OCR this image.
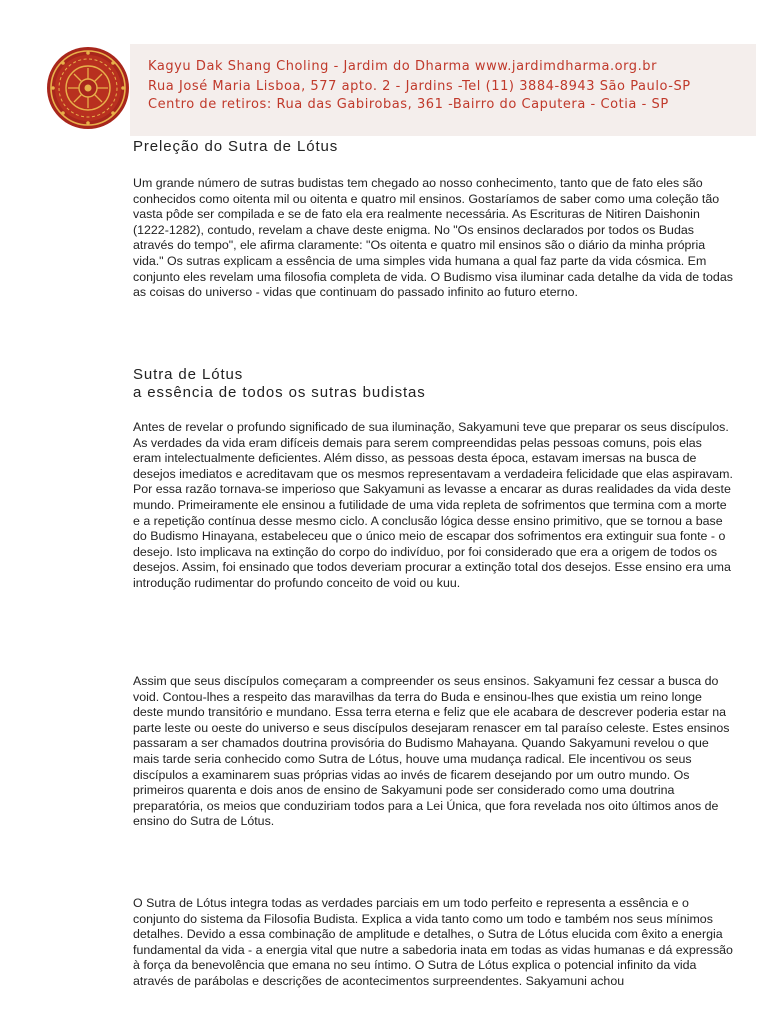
Kagyu Dak Shang Choling - Jardim do Dharma www.jardimdharma.org.br
Rua José Maria Lisboa, 577 apto. 2 - Jardins -Tel (11) 3884-8943 São Paulo-SP
Centro de retiros: Rua das Gabirobas, 361 -Bairro do Caputera - Cotia - SP
Preleção do Sutra de Lótus

Um grande número de sutras budistas tem chegado ao nosso conhecimento, tanto que de fato eles são conhecidos como oitenta mil ou oitenta e quatro mil ensinos. Gostaríamos de saber como uma coleção tão vasta pôde ser compilada e se de fato ela era realmente necessária. As Escrituras de Nitiren Daishonin (1222-1282), contudo, revelam a chave deste enigma. No "Os ensinos declarados por todos os Budas através do tempo", ele afirma claramente: "Os oitenta e quatro mil ensinos são o diário da minha própria vida." Os sutras explicam a essência de uma simples vida humana a qual faz parte da vida cósmica. Em conjunto eles revelam uma filosofia completa de vida. O Budismo visa iluminar cada detalhe da vida de todas as coisas do universo - vidas que continuam do passado infinito ao futuro eterno.

Sutra de Lótus
a essência de todos os sutras budistas

Antes de revelar o profundo significado de sua iluminação, Sakyamuni teve que preparar os seus discípulos. As verdades da vida eram difíceis demais para serem compreendidas pelas pessoas comuns, pois elas eram intelectualmente deficientes. Além disso, as pessoas desta época, estavam imersas na busca de desejos imediatos e acreditavam que os mesmos representavam a verdadeira felicidade que elas aspiravam. Por essa razão tornava-se imperioso que Sakyamuni as levasse a encarar as duras realidades da vida deste mundo. Primeiramente ele ensinou a futilidade de uma vida repleta de sofrimentos que termina com a morte e a repetição contínua desse mesmo ciclo. A conclusão lógica desse ensino primitivo, que se tornou a base do Budismo Hinayana, estabeleceu que o único meio de escapar dos sofrimentos era extinguir sua fonte - o desejo. Isto implicava na extinção do corpo do indivíduo, por foi considerado que era a origem de todos os desejos. Assim, foi ensinado que todos deveriam procurar a extinção total dos desejos. Esse ensino era uma introdução rudimentar do profundo conceito de void ou kuu.

Assim que seus discípulos começaram a compreender os seus ensinos. Sakyamuni fez cessar a busca do void. Contou-lhes a respeito das maravilhas da terra do Buda e ensinou-lhes que existia um reino longe deste mundo transitório e mundano. Essa terra eterna e feliz que ele acabara de descrever poderia estar na parte leste ou oeste do universo e seus discípulos desejaram renascer em tal paraíso celeste. Estes ensinos passaram a ser chamados doutrina provisória do Budismo Mahayana. Quando Sakyamuni revelou o que mais tarde seria conhecido como Sutra de Lótus, houve uma mudança radical. Ele incentivou os seus discípulos a examinarem suas próprias vidas ao invés de ficarem desejando por um outro mundo. Os primeiros quarenta e dois anos de ensino de Sakyamuni pode ser considerado como uma doutrina preparatória, os meios que conduziriam todos para a Lei Única, que fora revelada nos oito últimos anos de ensino do Sutra de Lótus.

O Sutra de Lótus integra todas as verdades parciais em um todo perfeito e representa a essência e o conjunto do sistema da Filosofia Budista. Explica a vida tanto como um todo e também nos seus mínimos detalhes. Devido a essa combinação de amplitude e detalhes, o Sutra de Lótus elucida com êxito a energia fundamental da vida - a energia vital que nutre a sabedoria inata em todas as vidas humanas e dá expressão à força da benevolência que emana no seu íntimo. O Sutra de Lótus explica o potencial infinito da vida através de parábolas e descrições de acontecimentos surpreendentes. Sakyamuni achou
